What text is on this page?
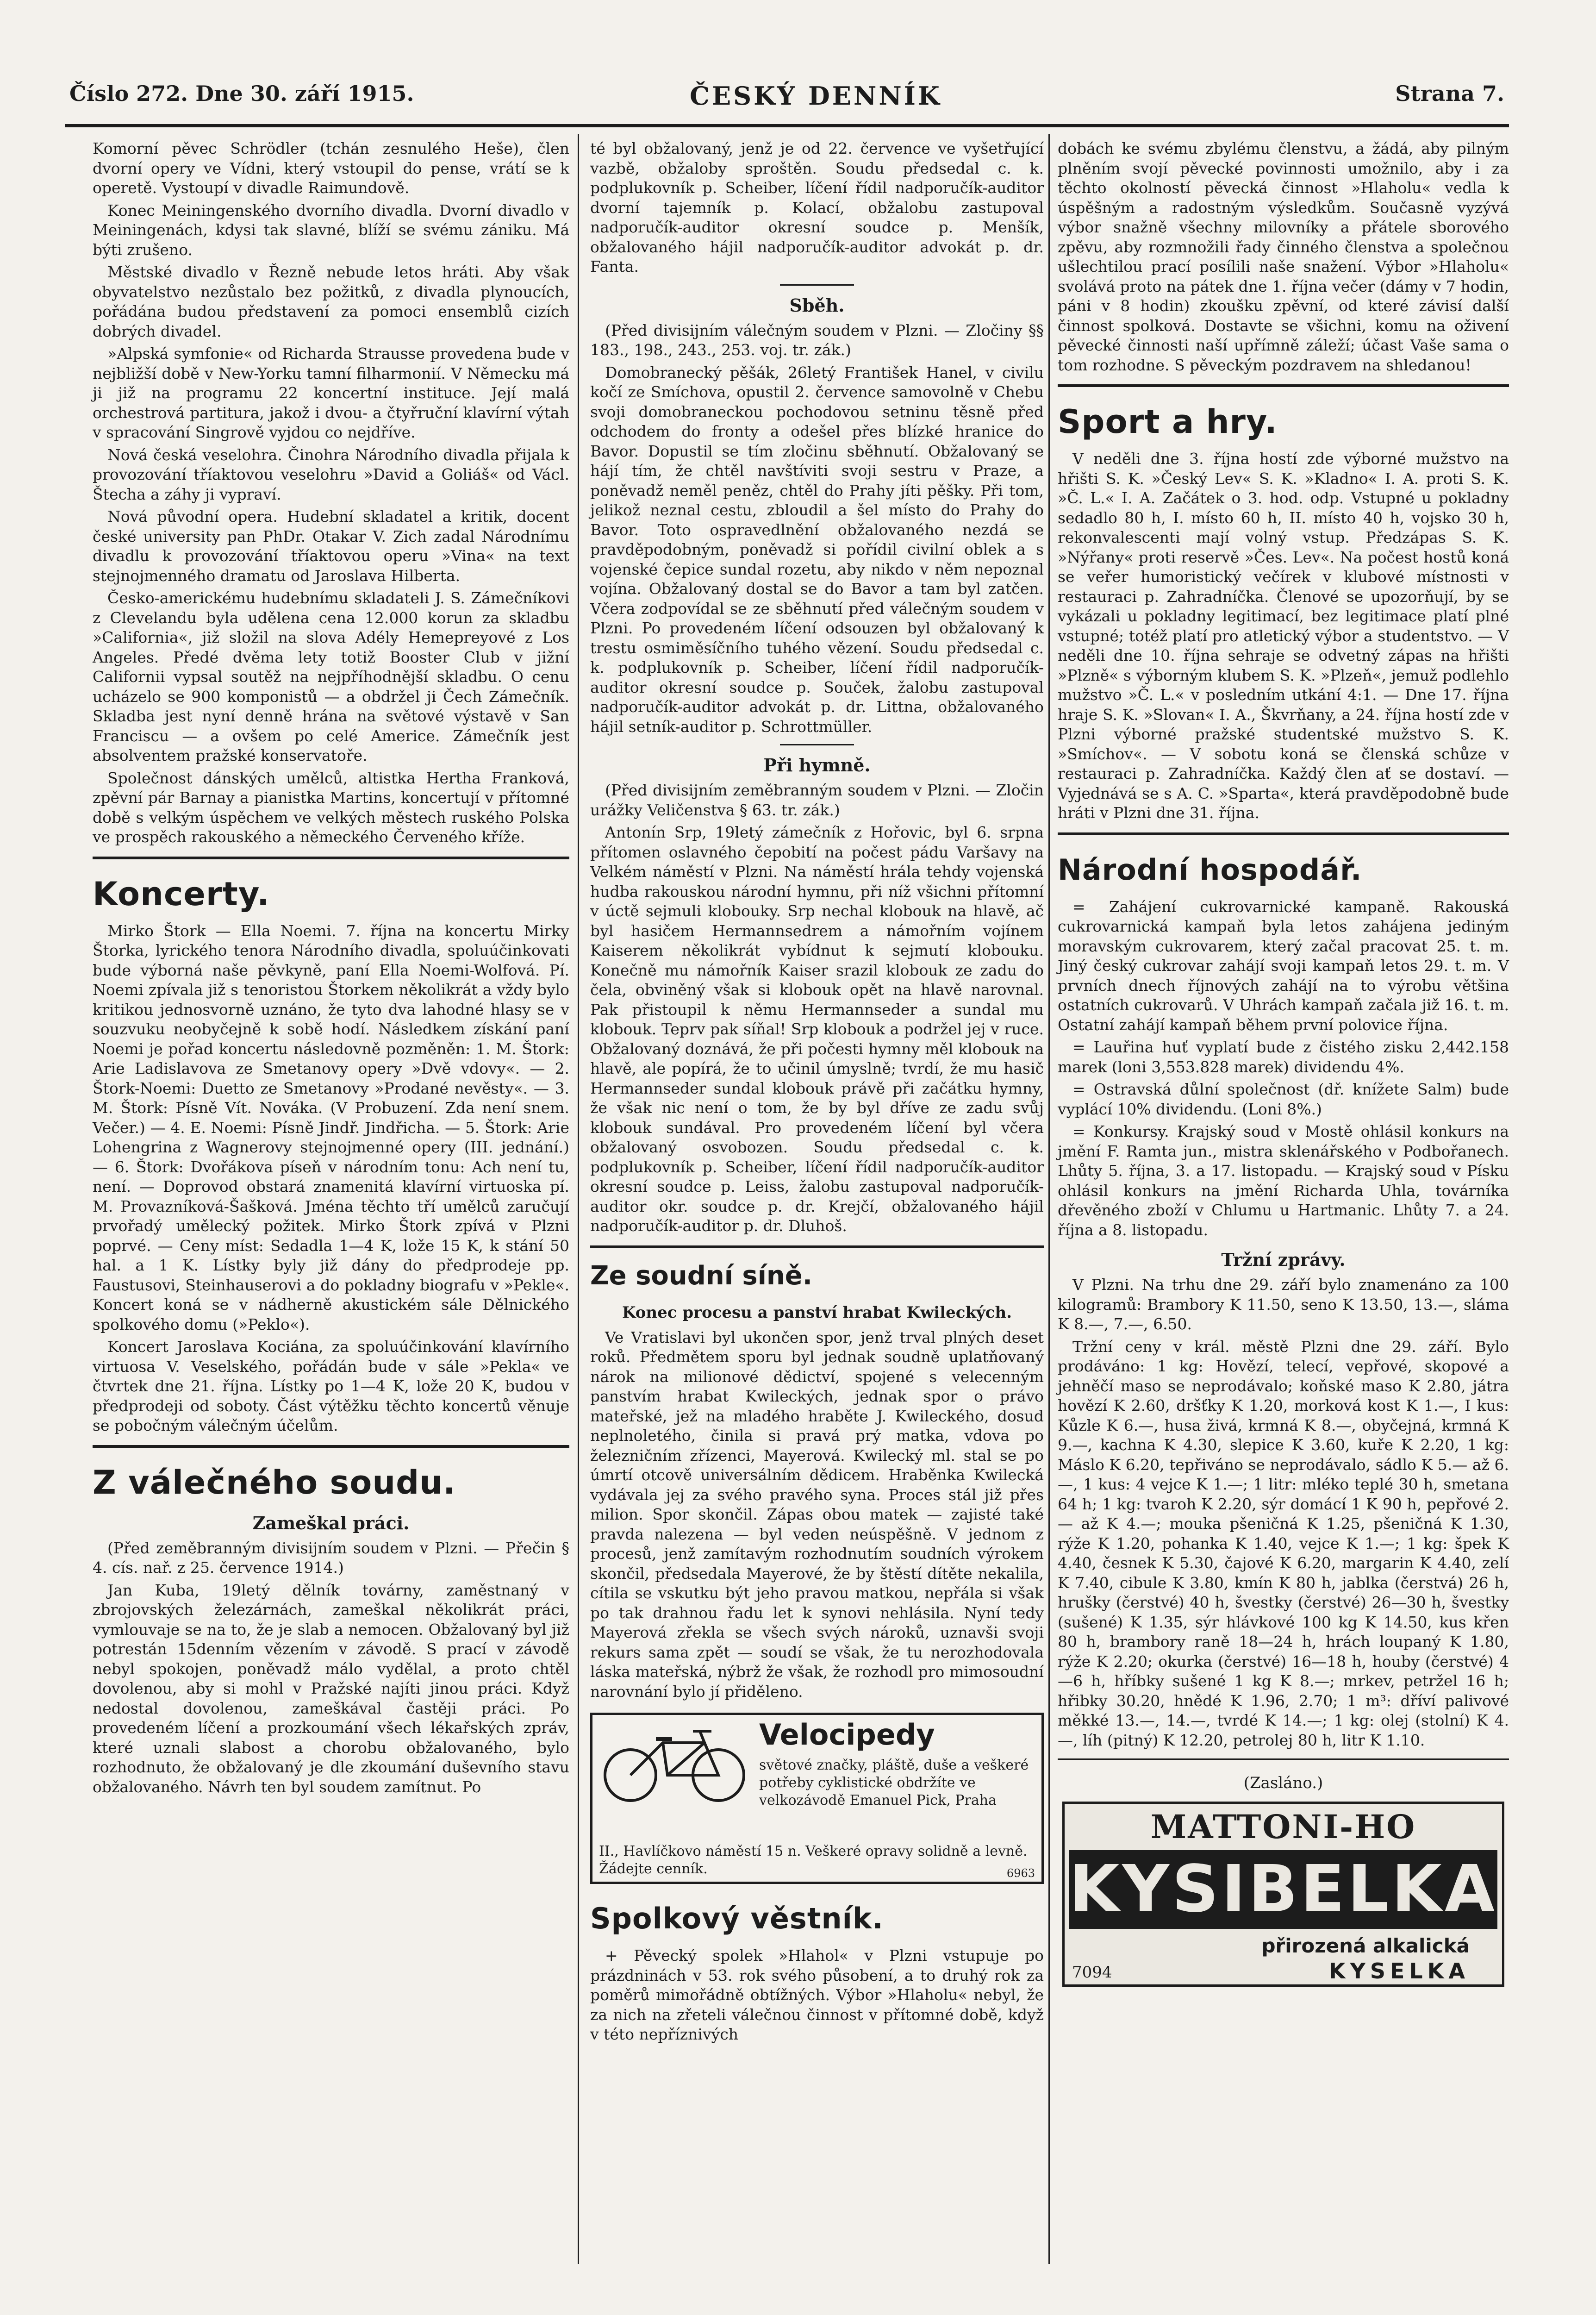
Číslo 272. Dne 30. září 1915.	ČESKÝ DENNÍK	Strana 7.

Komorní pěvec Schrödler (tchán zesnulého Heše), člen dvorní opery ve Vídni, který vstoupil do pense, vrátí se k operetě. Vystoupí v divadle Raimundově.

Konec Meiningenského dvorního divadla. Dvorní divadlo v Meiningenách, kdysi tak slavné, blíží se svému zániku. Má býti zrušeno.

Městské divadlo v Řezně nebude letos hráti. Aby však obyvatelstvo nezůstalo bez požitků, z divadla plynoucích, pořádána budou představení za pomoci ensemblů cizích dobrých divadel.

»Alpská symfonie« od Richarda Strausse provedena bude v nejbližší době v New-Yorku tamní filharmonií. V Německu má ji již na programu 22 koncertní instituce. Její malá orchestrová partitura, jakož i dvou- a čtyřruční klavírní výtah v spracování Singrově vyjdou co nejdříve.

Nová česká veselohra. Činohra Národního divadla přijala k provozování tříaktovou veselohru »David a Goliáš« od Václ. Štecha a záhy ji vypraví.

Nová původní opera. Hudební skladatel a kritik, docent české university pan PhDr. Otakar V. Zich zadal Národnímu divadlu k provozování tříaktovou operu »Vina« na text stejnojmenného dramatu od Jaroslava Hilberta.

Česko-americkému hudebnímu skladateli J. S. Zámečníkovi z Clevelandu byla udělena cena 12.000 korun za skladbu »California«, již složil na slova Adély Hemepreyové z Los Angeles. Předé dvěma lety totiž Booster Club v jižní Californii vypsal soutěž na nejpříhodnější skladbu. O cenu ucházelo se 900 komponistů — a obdržel ji Čech Zámečník. Skladba jest nyní denně hrána na světové výstavě v San Franciscu — a ovšem po celé Americe. Zámečník jest absolventem pražské konservatoře.

Společnost dánských umělců, altistka Hertha Franková, zpěvní pár Barnay a pianistka Martins, koncertují v přítomné době s velkým úspěchem ve velkých městech ruského Polska ve prospěch rakouského a německého Červeného kříže.

Koncerty.

Mirko Štork — Ella Noemi. 7. října na koncertu Mirky Štorka, lyrického tenora Národního divadla, spoluúčinkovati bude výborná naše pěvkyně, paní Ella Noemi-Wolfová. Pí. Noemi zpívala již s tenoristou Štorkem několikrát a vždy bylo kritikou jednosvorně uznáno, že tyto dva lahodné hlasy se v souzvuku neobyčejně k sobě hodí. Následkem získání paní Noemi je pořad koncertu následovně pozměněn: 1. M. Štork: Arie Ladislavova ze Smetanovy opery »Dvě vdovy«. — 2. Štork-Noemi: Duetto ze Smetanovy »Prodané nevěsty«. — 3. M. Štork: Písně Vít. Nováka. (V Probuzení. Zda není snem. Večer.) — 4. E. Noemi: Písně Jindř. Jindřicha. — 5. Štork: Arie Lohengrina z Wagnerovy stejnojmenné opery (III. jednání.) — 6. Štork: Dvořákova píseň v národním tonu: Ach není tu, není. — Doprovod obstará znamenitá klavírní virtuoska pí. M. Provazníková-Šašková. Jména těchto tří umělců zaručují prvořadý umělecký požitek. Mirko Štork zpívá v Plzni poprvé. — Ceny míst: Sedadla 1—4 K, lože 15 K, k stání 50 hal. a 1 K. Lístky byly již dány do předprodeje pp. Faustusovi, Steinhauserovi a do pokladny biografu v »Pekle«. Koncert koná se v nádherně akustickém sále Dělnického spolkového domu (»Peklo«).

Koncert Jaroslava Kociána, za spoluúčinkování klavírního virtuosa V. Veselského, pořádán bude v sále »Pekla« ve čtvrtek dne 21. října. Lístky po 1—4 K, lože 20 K, budou v předprodeji od soboty. Část výtěžku těchto koncertů věnuje se pobočným válečným účelům.

Z válečného soudu.
Zameškal práci.

(Před zeměbranným divisijním soudem v Plzni. — Přečin § 4. cís. nař. z 25. července 1914.)

Jan Kuba, 19letý dělník továrny, zaměstnaný v zbrojovských železárnách, zameškal několikrát práci, vymlouvaje se na to, že je slab a nemocen. Obžalovaný byl již potrestán 15denním vězením v závodě. S prací v závodě nebyl spokojen, poněvadž málo vydělal, a proto chtěl dovolenou, aby si mohl v Pražské najíti jinou práci. Když nedostal dovolenou, zameškával častěji práci. Po provedeném líčení a prozkoumání všech lékařských zpráv, které uznali slabost a chorobu obžalovaného, bylo rozhodnuto, že obžalovaný je dle zkoumání duševního stavu obžalovaného. Návrh ten byl soudem zamítnut. Po

té byl obžalovaný, jenž je od 22. července ve vyšetřující vazbě, obžaloby sproštěn. Soudu předsedal c. k. podplukovník p. Scheiber, líčení řídil nadporučík-auditor dvorní tajemník p. Kolací, obžalobu zastupoval nadporučík-auditor okresní soudce p. Menšík, obžalovaného hájil nadporučík-auditor advokát p. dr. Fanta.

Sběh.

(Před divisijním válečným soudem v Plzni. — Zločiny §§ 183., 198., 243., 253. voj. tr. zák.)

Domobranecký pěšák, 26letý František Hanel, v civilu kočí ze Smíchova, opustil 2. července samovolně v Chebu svoji domobraneckou pochodovou setninu těsně před odchodem do fronty a odešel přes blízké hranice do Bavor. Dopustil se tím zločinu sběhnutí. Obžalovaný se hájí tím, že chtěl navštíviti svoji sestru v Praze, a poněvadž neměl peněz, chtěl do Prahy jíti pěšky. Při tom, jelikož neznal cestu, zbloudil a šel místo do Prahy do Bavor. Toto ospravedlnění obžalovaného nezdá se pravděpodobným, poněvadž si pořídil civilní oblek a s vojenské čepice sundal rozetu, aby nikdo v něm nepoznal vojína. Obžalovaný dostal se do Bavor a tam byl zatčen. Včera zodpovídal se ze sběhnutí před válečným soudem v Plzni. Po provedeném líčení odsouzen byl obžalovaný k trestu osmiměsíčního tuhého vězení. Soudu předsedal c. k. podplukovník p. Scheiber, líčení řídil nadporučík-auditor okresní soudce p. Souček, žalobu zastupoval nadporučík-auditor advokát p. dr. Littna, obžalovaného hájil setník-auditor p. Schrottmüller.

Při hymně.

(Před divisijním zeměbranným soudem v Plzni. — Zločin urážky Veličenstva § 63. tr. zák.)

Antonín Srp, 19letý zámečník z Hořovic, byl 6. srpna přítomen oslavného čepobití na počest pádu Varšavy na Velkém náměstí v Plzni. Na náměstí hrála tehdy vojenská hudba rakouskou národní hymnu, při níž všichni přítomní v úctě sejmuli klobouky. Srp nechal klobouk na hlavě, ač byl hasičem Hermannsedrem a námořním vojínem Kaiserem několikrát vybídnut k sejmutí klobouku. Konečně mu námořník Kaiser srazil klobouk ze zadu do čela, obviněný však si klobouk opět na hlavě narovnal. Pak přistoupil k němu Hermannseder a sundal mu klobouk. Teprv pak síňal! Srp klobouk a podržel jej v ruce. Obžalovaný doznává, že při počesti hymny měl klobouk na hlavě, ale popírá, že to učinil úmyslně; tvrdí, že mu hasič Hermannseder sundal klobouk právě při začátku hymny, že však nic není o tom, že by byl dříve ze zadu svůj klobouk sundával. Pro provedeném líčení byl včera obžalovaný osvobozen. Soudu předsedal c. k. podplukovník p. Scheiber, líčení řídil nadporučík-auditor okresní soudce p. Leiss, žalobu zastupoval nadporučík-auditor okr. soudce p. dr. Krejčí, obžalovaného hájil nadporučík-auditor p. dr. Dluhoš.

Ze soudní síně.
Konec procesu a panství hrabat Kwileckých.

Ve Vratislavi byl ukončen spor, jenž trval plných deset roků. Předmětem sporu byl jednak soudně uplatňovaný nárok na milionové dědictví, spojené s velecenným panstvím hrabat Kwileckých, jednak spor o právo mateřské, jež na mladého hraběte J. Kwileckého, dosud neplnoletého, činila si pravá prý matka, vdova po železničním zřízenci, Mayerová. Kwilecký ml. stal se po úmrtí otcově universálním dědicem. Hraběnka Kwilecká vydávala jej za svého pravého syna. Proces stál již přes milion. Spor skončil. Zápas obou matek — zajisté také pravda nalezena — byl veden neúspěšně. V jednom z procesů, jenž zamítavým rozhodnutím soudních výrokem skončil, předsedala Mayerové, že by štěstí dítěte nekalila, cítila se vskutku být jeho pravou matkou, nepřála si však po tak drahnou řadu let k synovi nehlásila. Nyní tedy Mayerová zřekla se všech svých nároků, uznavši svoji rekurs sama zpět — soudí se však, že tu nerozhodovala láska mateřská, nýbrž že však, že rozhodl pro mimosoudní narovnání bylo jí přiděleno.

Velocipedy
světové značky, pláště, duše a veškeré potřeby cyklistické obdržíte ve velkozávodě Emanuel Pick, Praha
II., Havlíčkovo náměstí 15 n. Veškeré opravy solidně a levně. Žádejte cenník.	6963
Spolkový věstník.

+ Pěvecký spolek »Hlahol« v Plzni vstupuje po prázdninách v 53. rok svého působení, a to druhý rok za poměrů mimořádně obtížných. Výbor »Hlaholu« nebyl, že za nich na zřeteli válečnou činnost v přítomné době, když v této nepříznivých

dobách ke svému zbylému členstvu, a žádá, aby pilným plněním svojí pěvecké povinnosti umožnilo, aby i za těchto okolností pěvecká činnost »Hlaholu« vedla k úspěšným a radostným výsledkům. Současně vyzývá výbor snažně všechny milovníky a přátele sborového zpěvu, aby rozmnožili řady činného členstva a společnou ušlechtilou prací posílili naše snažení. Výbor »Hlaholu« svolává proto na pátek dne 1. října večer (dámy v 7 hodin, páni v 8 hodin) zkoušku zpěvní, od které závisí další činnost spolková. Dostavte se všichni, komu na oživení pěvecké činnosti naší upřímně záleží; účast Vaše sama o tom rozhodne. S pěveckým pozdravem na shledanou!

Sport a hry.

V neděli dne 3. října hostí zde výborné mužstvo na hřišti S. K. »Český Lev« S. K. »Kladno« I. A. proti S. K. »Č. L.« I. A. Začátek o 3. hod. odp. Vstupné u pokladny sedadlo 80 h, I. místo 60 h, II. místo 40 h, vojsko 30 h, rekonvalescenti mají volný vstup. Předzápas S. K. »Nýřany« proti reservě »Čes. Lev«. Na počest hostů koná se veřer humoristický večírek v klubové místnosti v restauraci p. Zahradníčka. Členové se upozorňují, by se vykázali u pokladny legitimací, bez legitimace platí plné vstupné; totéž platí pro atletický výbor a studentstvo. — V neděli dne 10. října sehraje se odvetný zápas na hřišti »Plzně« s výborným klubem S. K. »Plzeň«, jemuž podlehlo mužstvo »Č. L.« v posledním utkání 4:1. — Dne 17. října hraje S. K. »Slovan« I. A., Škvrňany, a 24. října hostí zde v Plzni výborné pražské studentské mužstvo S. K. »Smíchov«. — V sobotu koná se členská schůze v restauraci p. Zahradníčka. Každý člen ať se dostaví. — Vyjednává se s A. C. »Sparta«, která pravděpodobně bude hráti v Plzni dne 31. října.

Národní hospodář.

= Zahájení cukrovarnické kampaně. Rakouská cukrovarnická kampaň byla letos zahájena jediným moravským cukrovarem, který začal pracovat 25. t. m. Jiný český cukrovar zahájí svoji kampaň letos 29. t. m. V prvních dnech říjnových zahájí na to výrobu většina ostatních cukrovarů. V Uhrách kampaň začala již 16. t. m. Ostatní zahájí kampaň během první polovice října.

= Lauřina huť vyplatí bude z čistého zisku 2,442.158 marek (loni 3,553.828 marek) dividendu 4%.

= Ostravská důlní společnost (dř. knížete Salm) bude vyplácí 10% dividendu. (Loni 8%.)

= Konkursy. Krajský soud v Mostě ohlásil konkurs na jmění F. Ramta jun., mistra sklenářského v Podbořanech. Lhůty 5. října, 3. a 17. listopadu. — Krajský soud v Písku ohlásil konkurs na jmění Richarda Uhla, továrníka dřevěného zboží v Chlumu u Hartmanic. Lhůty 7. a 24. října a 8. listopadu.

Tržní zprávy.

V Plzni. Na trhu dne 29. září bylo znamenáno za 100 kilogramů: Brambory K 11.50, seno K 13.50, 13.—, sláma K 8.—, 7.—, 6.50.

Tržní ceny v král. městě Plzni dne 29. září. Bylo prodáváno: 1 kg: Hovězí, telecí, vepřové, skopové a jehněčí maso se neprodávalo; koňské maso K 2.80, játra hovězí K 2.60, dršťky K 1.20, morková kost K 1.—, I kus: Kůzle K 6.—, husa živá, krmná K 8.—, obyčejná, krmná K 9.—, kachna K 4.30, slepice K 3.60, kuře K 2.20, 1 kg: Máslo K 6.20, tepřiváno se neprodávalo, sádlo K 5.— až 6.—, 1 kus: 4 vejce K 1.—; 1 litr: mléko teplé 30 h, smetana 64 h; 1 kg: tvaroh K 2.20, sýr domácí 1 K 90 h, pepřové 2.— až K 4.—; mouka pšeničná K 1.25, pšeničná K 1.30, rýže K 1.20, pohanka K 1.40, vejce K 1.—; 1 kg: špek K 4.40, česnek K 5.30, čajové K 6.20, margarin K 4.40, zelí K 7.40, cibule K 3.80, kmín K 80 h, jablka (čerstvá) 26 h, hrušky (čerstvé) 40 h, švestky (čerstvé) 26—30 h, švestky (sušené) K 1.35, sýr hlávkové 100 kg K 14.50, kus křen 80 h, brambory raně 18—24 h, hrách loupaný K 1.80, rýže K 2.20; okurka (čerstvé) 16—18 h, houby (čerstvé) 4—6 h, hříbky sušené 1 kg K 8.—; mrkev, petržel 16 h; hřibky 30.20, hnědé K 1.96, 2.70; 1 m³: dříví palivové měkké 13.—, 14.—, tvrdé K 14.—; 1 kg: olej (stolní) K 4.—, líh (pitný) K 12.20, petrolej 80 h, litr K 1.10.

(Zasláno.)
MATTONI-HO
KYSIBELKA
přirozená alkalická
KYSELKA
7094
